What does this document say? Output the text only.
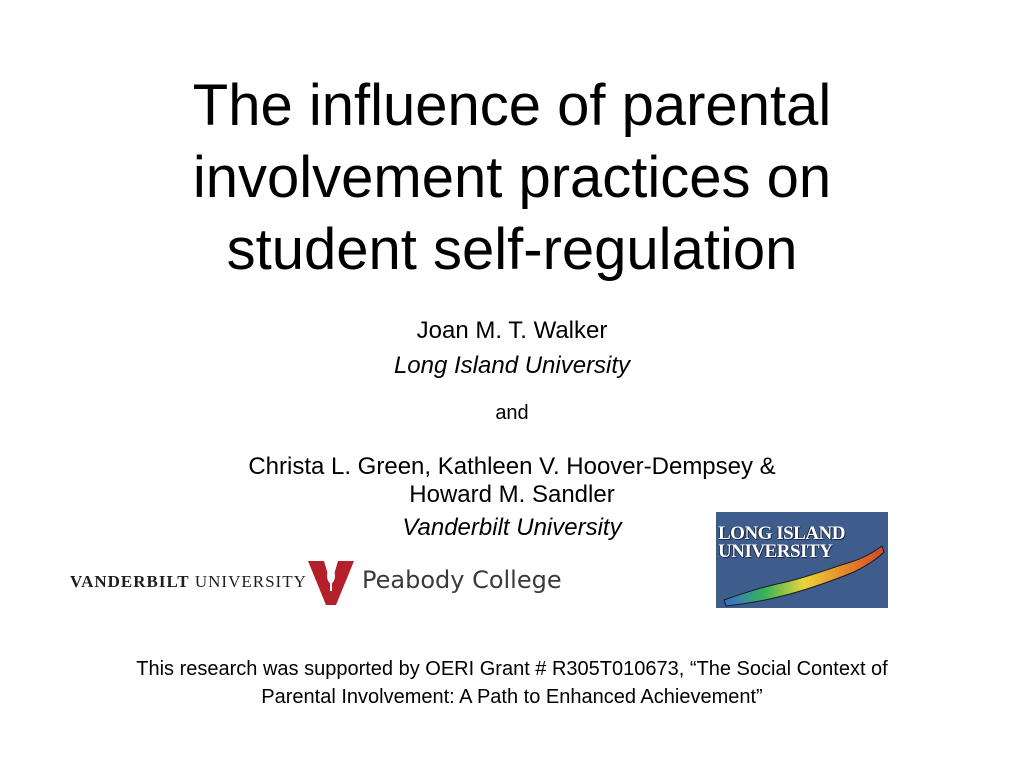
The influence of parental
involvement practices on
student self-regulation

Joan M. T. Walker

Long Island University

and

Christa L. Green, Kathleen V. Hoover-Dempsey &
Howard M. Sandler

Vanderbilt University

VANDERBILT UNIVERSITY Peabody College
LONG ISLAND
UNIVERSITY
This research was supported by OERI Grant # R305T010673, “The Social Context of
Parental Involvement: A Path to Enhanced Achievement”
